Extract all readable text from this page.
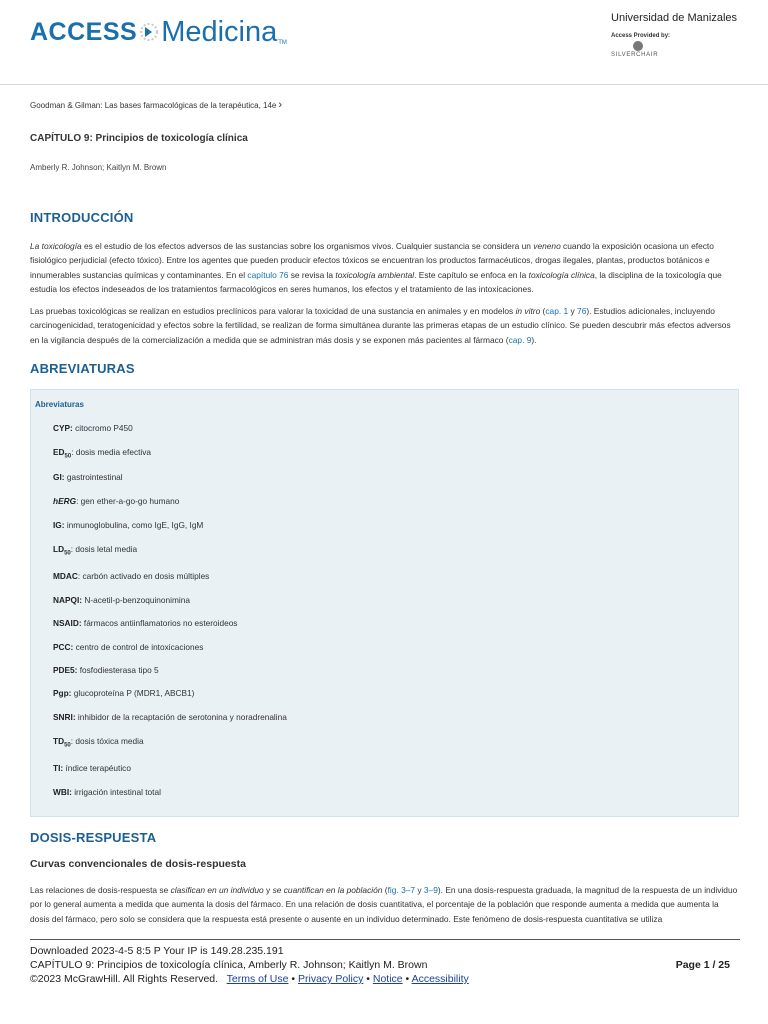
ACCESS Medicina TM
Universidad de Manizales
Access Provided by:
SILVERCHAIR
Goodman & Gilman: Las bases farmacológicas de la terapéutica, 14e ›
CAPÍTULO 9: Principios de toxicología clínica
Amberly R. Johnson; Kaitlyn M. Brown
INTRODUCCIÓN

La toxicología es el estudio de los efectos adversos de las sustancias sobre los organismos vivos. Cualquier sustancia se considera un veneno cuando la exposición ocasiona un efecto fisiológico perjudicial (efecto tóxico). Entre los agentes que pueden producir efectos tóxicos se encuentran los productos farmacéuticos, drogas ilegales, plantas, productos botánicos e innumerables sustancias químicas y contaminantes. En el capítulo 76 se revisa la toxicología ambiental. Este capítulo se enfoca en la toxicología clínica, la disciplina de la toxicología que estudia los efectos indeseados de los tratamientos farmacológicos en seres humanos, los efectos y el tratamiento de las intoxicaciones.

Las pruebas toxicológicas se realizan en estudios preclínicos para valorar la toxicidad de una sustancia en animales y en modelos in vitro (cap. 1 y 76). Estudios adicionales, incluyendo carcinogenicidad, teratogenicidad y efectos sobre la fertilidad, se realizan de forma simultánea durante las primeras etapas de un estudio clínico. Se pueden descubrir más efectos adversos en la vigilancia después de la comercialización a medida que se administran más dosis y se exponen más pacientes al fármaco (cap. 9).

ABREVIATURAS
Abreviaturas
CYP: citocromo P450
$ED_{50}$: dosis media efectiva
GI: gastrointestinal
hERG: gen ether-a-go-go humano
IG: inmunoglobulina, como IgE, IgG, IgM
$LD_{50}$: dosis letal media
MDAC: carbón activado en dosis múltiples
NAPQI: N-acetil-p-benzoquinonimina
NSAID: fármacos antiinflamatorios no esteroideos
PCC: centro de control de intoxicaciones
PDE5: fosfodiesterasa tipo 5
Pgp: glucoproteína P (MDR1, ABCB1)
SNRI: inhibidor de la recaptación de serotonina y noradrenalina
$TD_{50}$: dosis tóxica media
TI: índice terapéutico
WBI: irrigación intestinal total
DOSIS-RESPUESTA
Curvas convencionales de dosis-respuesta

Las relaciones de dosis-respuesta se clasifican en un individuo y se cuantifican en la población (fig. 3–7 y 3–9). En una dosis-respuesta graduada, la magnitud de la respuesta de un individuo por lo general aumenta a medida que aumenta la dosis del fármaco. En una relación de dosis cuantitativa, el porcentaje de la población que responde aumenta a medida que aumenta la dosis del fármaco, pero solo se considera que la respuesta está presente o ausente en un individuo determinado. Este fenómeno de dosis-respuesta cuantitativa se utiliza

Downloaded 2023-4-5 8:5 P Your IP is 149.28.235.191
CAPÍTULO 9: Principios de toxicología clínica, Amberly R. Johnson; Kaitlyn M. Brown
©2023 McGrawHill. All Rights Reserved. Terms of Use • Privacy Policy • Notice • Accessibility
Page 1 / 25
